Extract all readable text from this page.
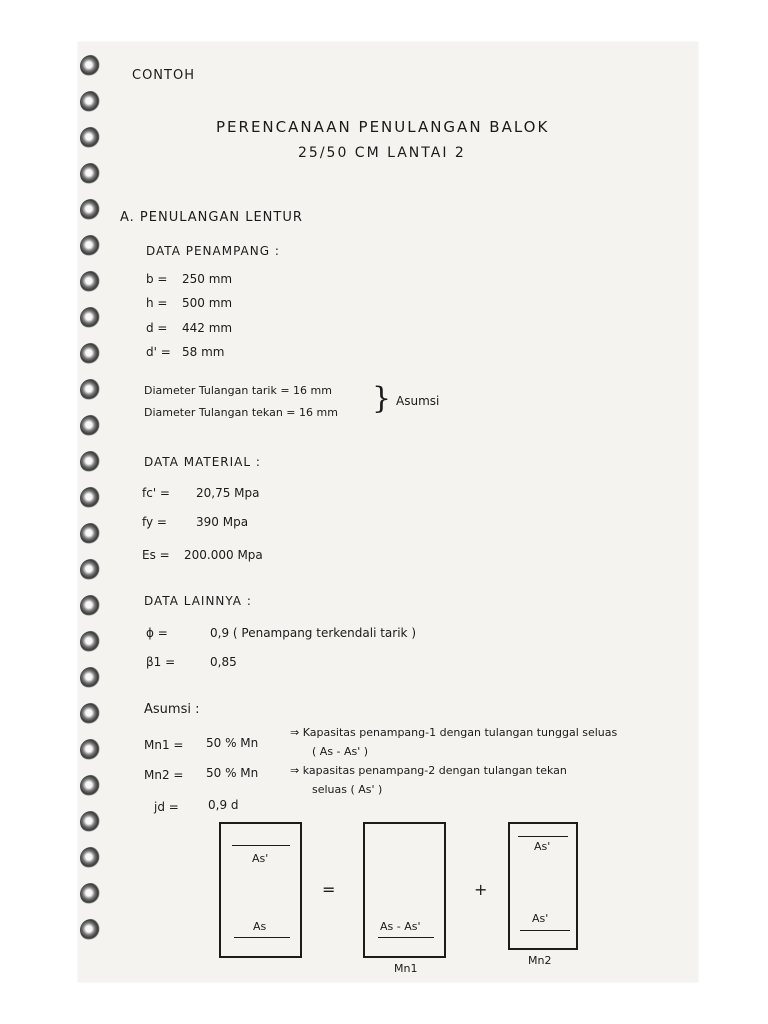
CONTOH
PERENCANAAN PENULANGAN BALOK
25/50 CM LANTAI 2
A. PENULANGAN LENTUR
DATA PENAMPANG :
b = 250 mm
h = 500 mm
d = 442 mm
d' = 58 mm
Diameter Tulangan tarik = 16 mm
Diameter Tulangan tekan = 16 mm } Asumsi
DATA MATERIAL :
fc' = 20,75 Mpa
fy = 390 Mpa
Es = 200.000 Mpa
DATA LAINNYA :
ϕ =	0,9 ( Penampang terkendali tarik )
β1 =	0,85
Asumsi :
Mn1 = 50 % Mn
⇒ Kapasitas penampang-1 dengan tulangan tunggal seluas
( As - As' )
Mn2 = 50 % Mn	⇒ kapasitas penampang-2 dengan tulangan tekan
seluas ( As' )
jd = 0,9 d
As'
As
=
As - As'
Mn1
+
As'
As'
Mn2
